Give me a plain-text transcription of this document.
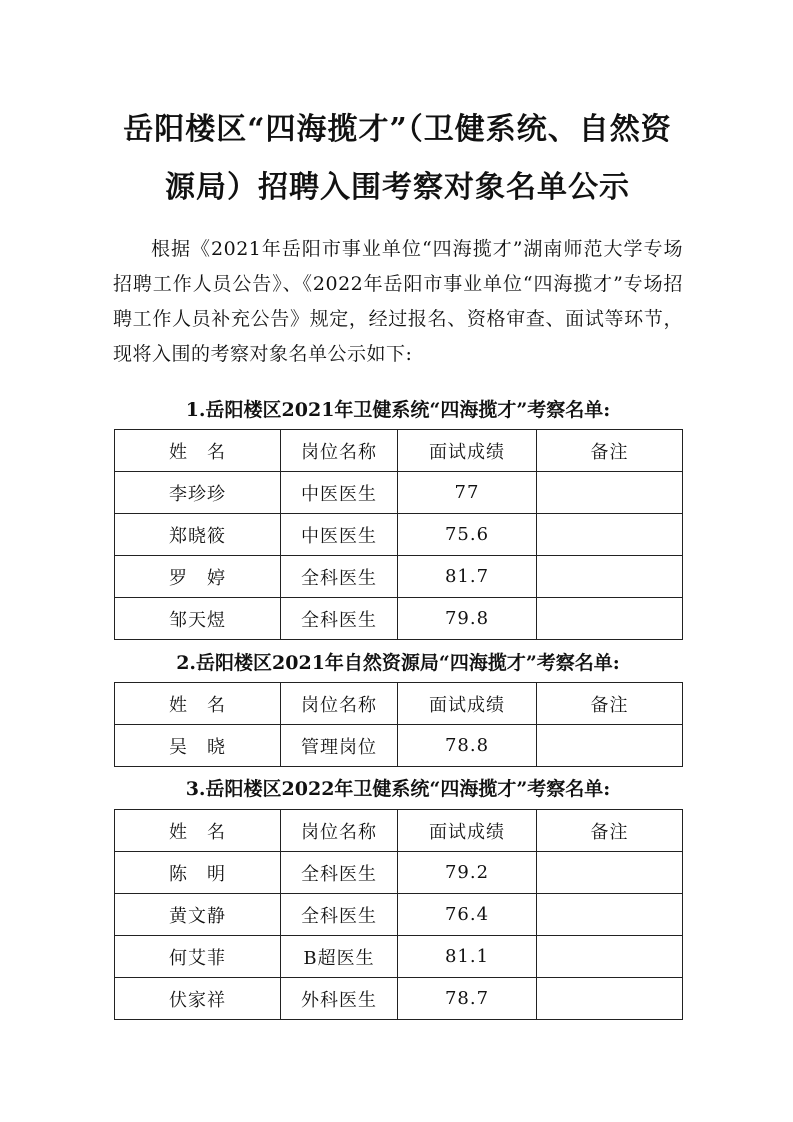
岳阳楼区“四海揽才”（卫健系统、自然资
源局）招聘入围考察对象名单公示

根据《2021年岳阳市事业单位“四海揽才”湖南师范大学专场招聘工作人员公告》、《2022年岳阳市事业单位“四海揽才”专场招聘工作人员补充公告》规定，经过报名、资格审查、面试等环节，现将入围的考察对象名单公示如下:

1.岳阳楼区2021年卫健系统“四海揽才”考察名单:

姓　名	岗位名称	面试成绩	备注
李珍珍	中医医生	77	
郑晓筱	中医医生	75.6	
罗　婷	全科医生	81.7	
邹天煜	全科医生	79.8	

2.岳阳楼区2021年自然资源局“四海揽才”考察名单:

姓　名	岗位名称	面试成绩	备注
吴　晓	管理岗位	78.8	

3.岳阳楼区2022年卫健系统“四海揽才”考察名单:

姓　名	岗位名称	面试成绩	备注
陈　明	全科医生	79.2	
黄文静	全科医生	76.4	
何艾菲	B超医生	81.1	
伏家祥	外科医生	78.7	
